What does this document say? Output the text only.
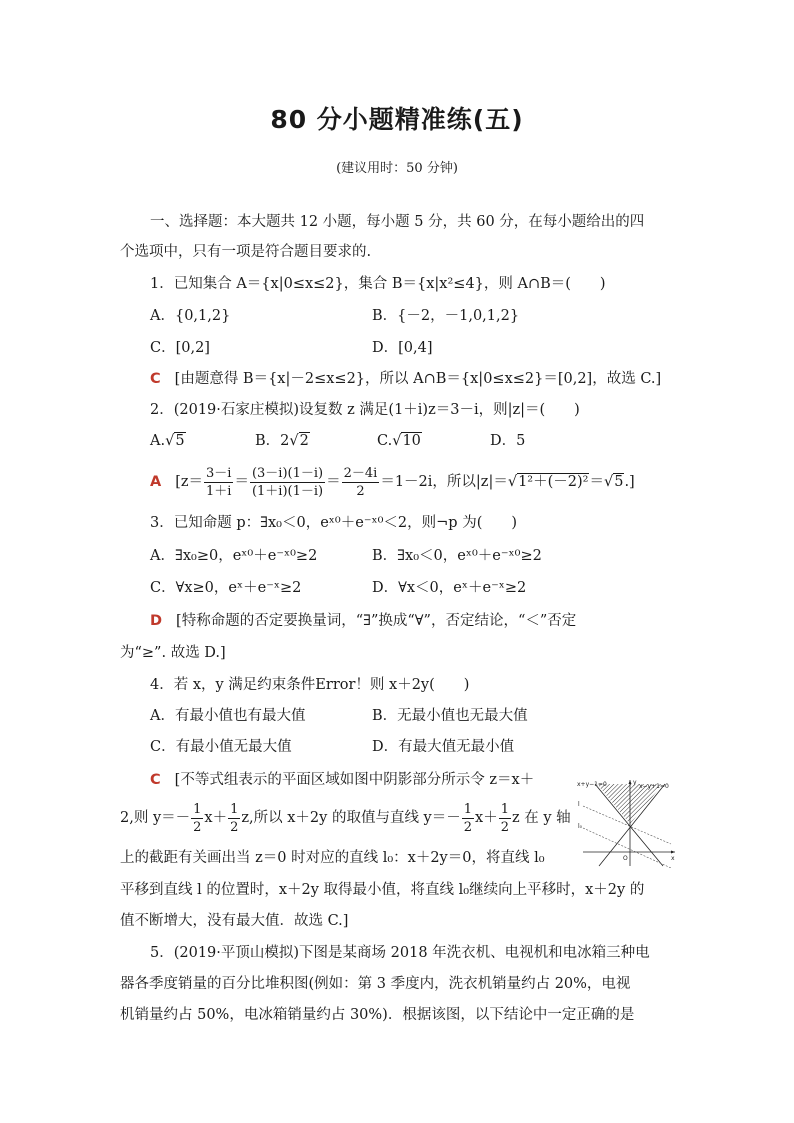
80 分小题精准练(五)
(建议用时：50 分钟)
一、选择题：本大题共 12 小题，每小题 5 分，共 60 分，在每小题给出的四
个选项中，只有一项是符合题目要求的.
1．已知集合 A＝{x|0≤x≤2}，集合 B＝{x|x²≤4}，则 A∩B＝(　　)
A．{0,1,2}	B．{－2，－1,0,1,2}
C．[0,2]	D．[0,4]
C [由题意得 B＝{x|－2≤x≤2}，所以 A∩B＝{x|0≤x≤2}＝[0,2]，故选 C.]
2．(2019·石家庄模拟)设复数 z 满足(1＋i)z＝3－i，则|z|＝(　　)
A.√5	B．2√2	C.√10	D．5
A [$z= \frac{3-i}{1+i} = \frac{(3-i)(1-i)}{(1+i)(1-i)} = \frac{2-4i}{2} =1-2i$，所以|z|＝√1²＋(－2)²＝√5.]
3．已知命题 p：∃x₀＜0，eˣ⁰＋e⁻ˣ⁰＜2，则¬p 为(　　)
A．∃x₀≥0，eˣ⁰＋e⁻ˣ⁰≥2	B．∃x₀＜0，eˣ⁰＋e⁻ˣ⁰≥2
C．∀x≥0，eˣ＋e⁻ˣ≥2	D．∀x＜0，eˣ＋e⁻ˣ≥2
D [特称命题的否定要换量词，“∃”换成“∀”，否定结论，“＜”否定
为“≥”. 故选 D.]
4．若 x，y 满足约束条件Error！则 x＋2y(　　)
A．有最小值也有最大值	B．无最小值也无最大值
C．有最小值无最大值	D．有最大值无最小值
C [不等式组表示的平面区域如图中阴影部分所示令 z＝x＋
2,则 $y=- \frac{1}{2} x+ \frac{1}{2} z$,所以 x＋2y 的取值与直线 $y=- \frac{1}{2} x+ \frac{1}{2}$ z 在 y 轴
上的截距有关画出当 z＝0 时对应的直线 l₀：x＋2y＝0，将直线 l₀
平移到直线 l 的位置时，x＋2y 取得最小值，将直线 l₀继续向上平移时，x＋2y 的
值不断增大，没有最大值．故选 C.]
x+y−1=0	x−y+1=0
y
x
O
l
l₀
5．(2019·平顶山模拟)下图是某商场 2018 年洗衣机、电视机和电冰箱三种电
器各季度销量的百分比堆积图(例如：第 3 季度内，洗衣机销量约占 20%，电视
机销量约占 50%，电冰箱销量约占 30%)．根据该图，以下结论中一定正确的是
